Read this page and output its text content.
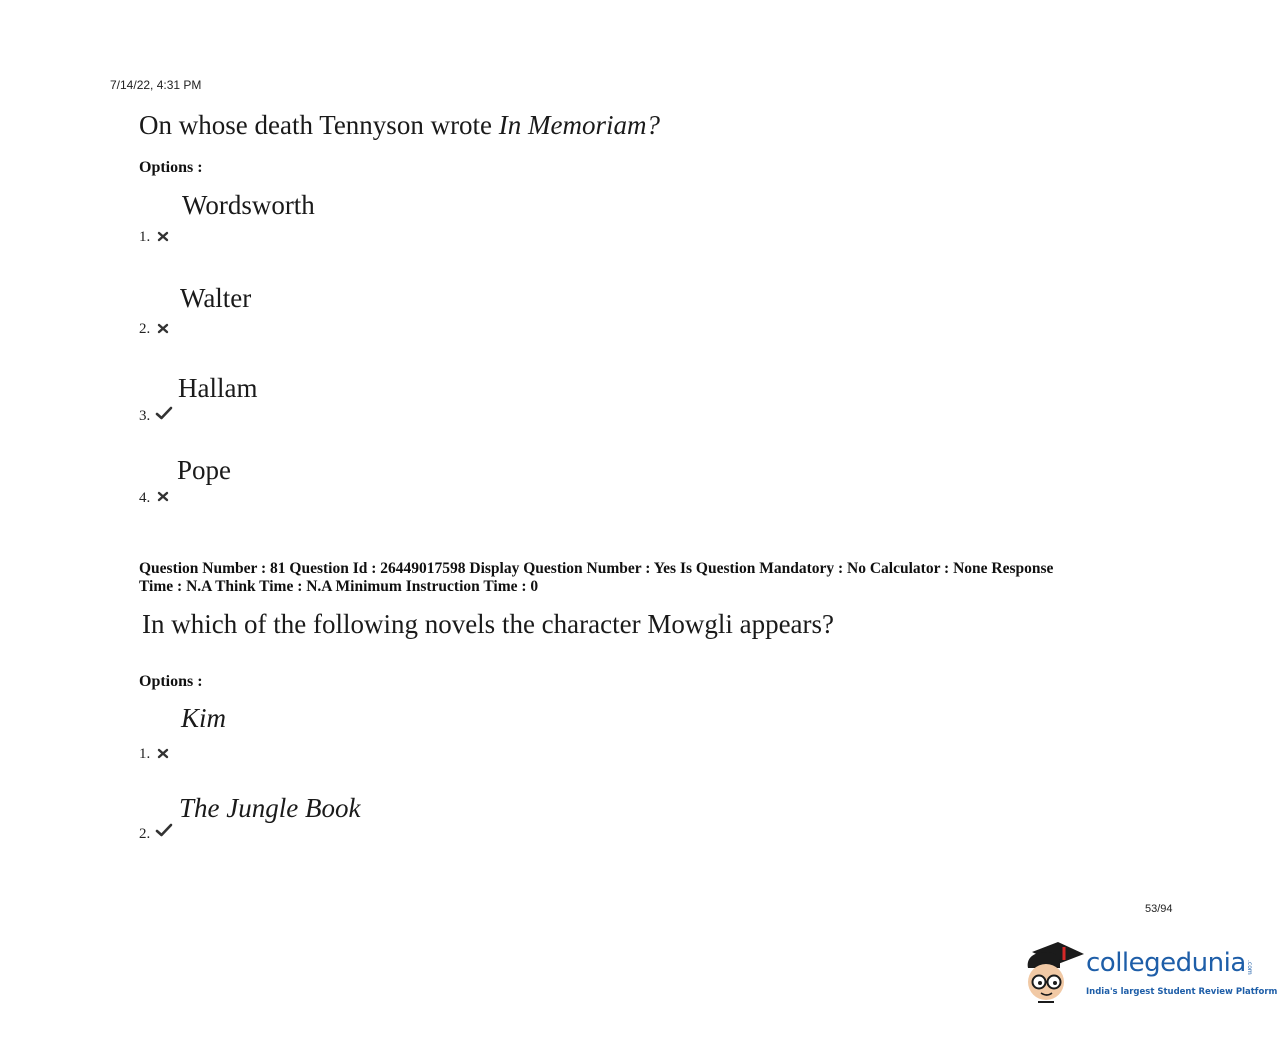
7/14/22, 4:31 PM
On whose death Tennyson wrote In Memoriam?
Options :
Wordsworth
1.
Walter
2.
Hallam
3.
Pope
4.
Question Number : 81 Question Id : 26449017598 Display Question Number : Yes Is Question Mandatory : No Calculator : None Response
Time : N.A Think Time : N.A Minimum Instruction Time : 0
In which of the following novels the character Mowgli appears?
Options :
Kim
1.
The Jungle Book
2.
53/94
collegedunia .com
India's largest Student Review Platform
